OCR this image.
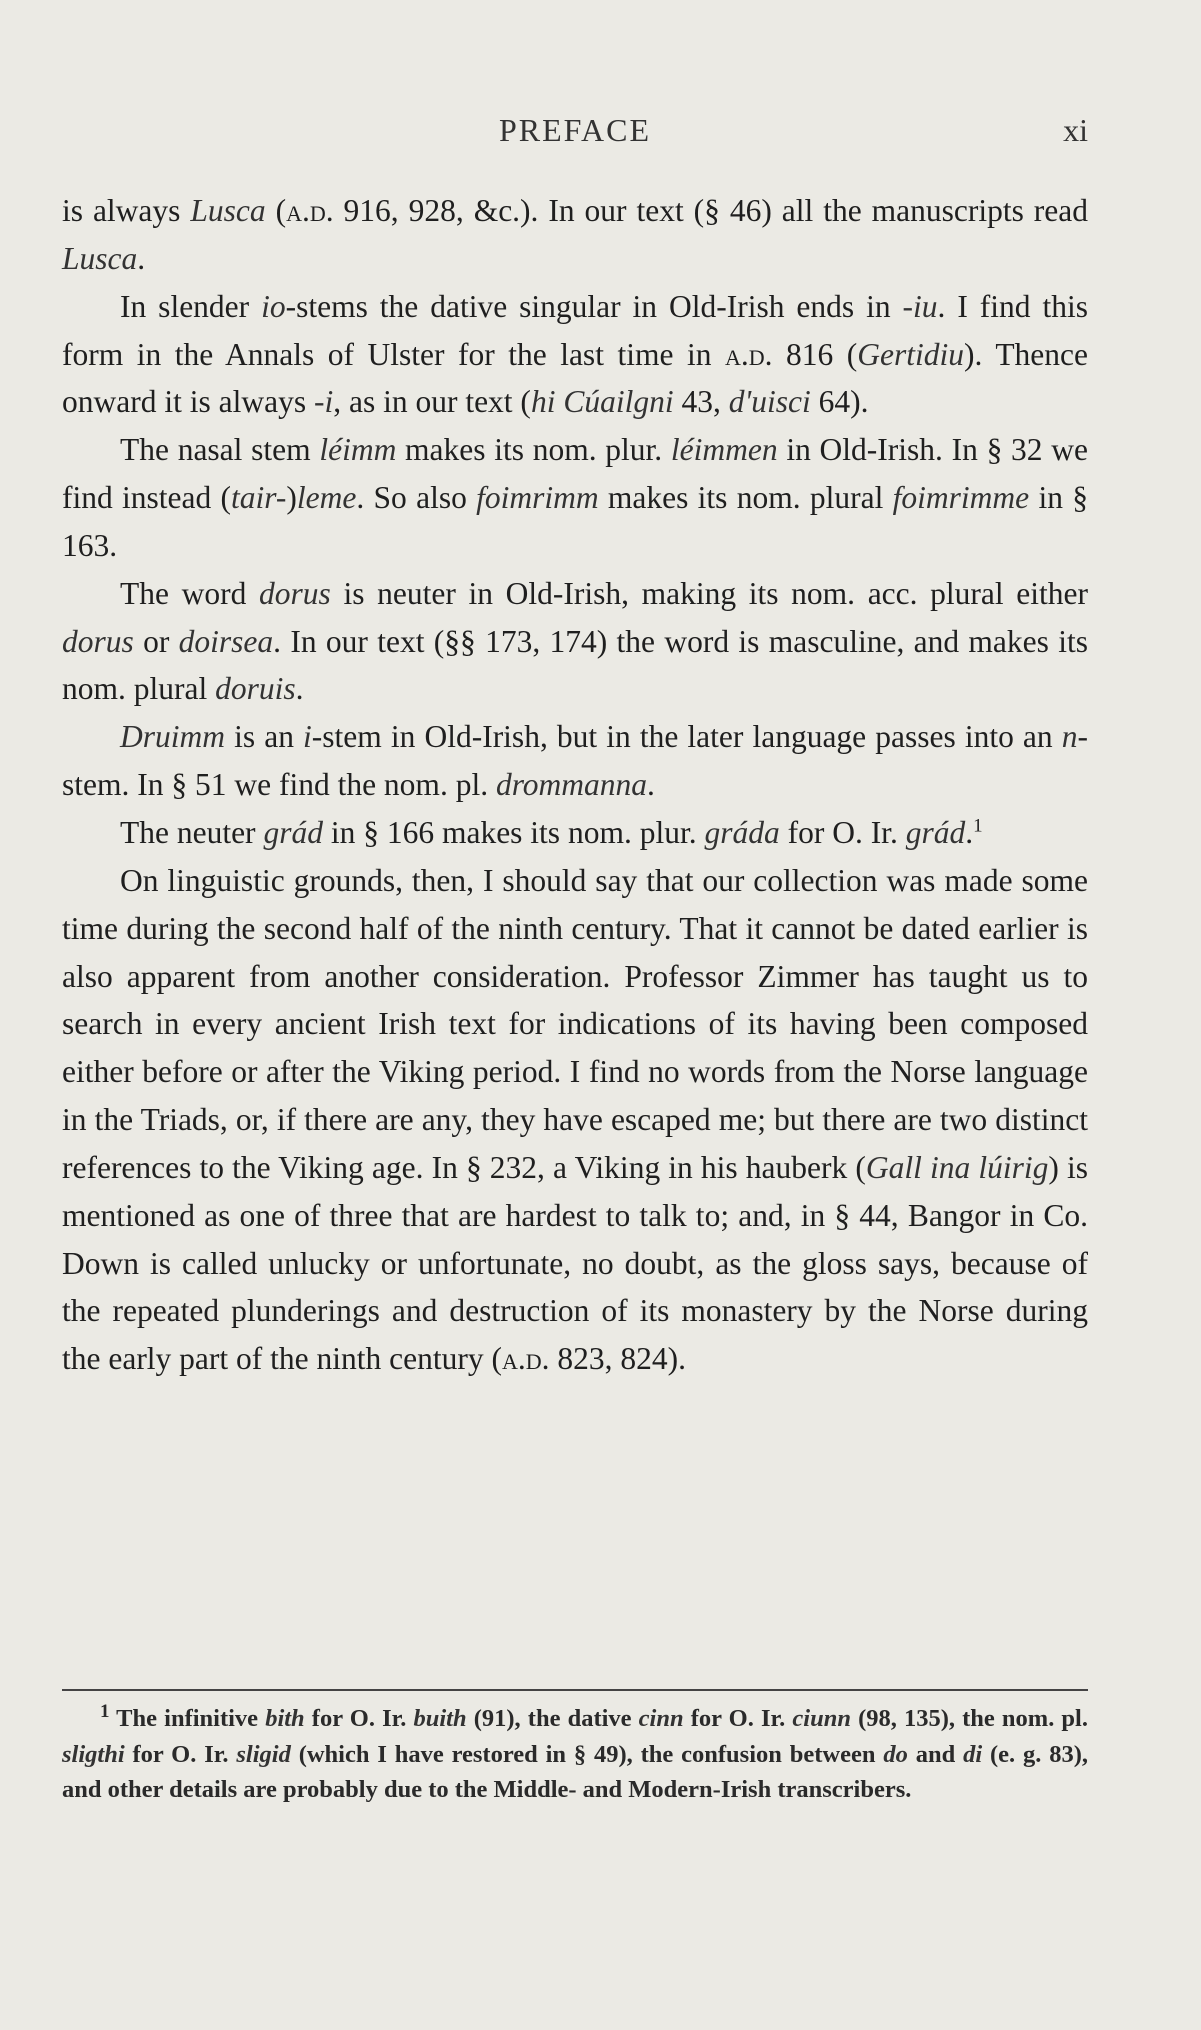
PREFACE	xi

is always Lusca (a.d. 916, 928, &c.). In our text (§ 46) all the manuscripts read Lusca.

In slender io-stems the dative singular in Old-Irish ends in -iu. I find this form in the Annals of Ulster for the last time in a.d. 816 (Gertidiu). Thence onward it is always -i, as in our text (hi Cúailgni 43, d'uisci 64).

The nasal stem léimm makes its nom. plur. léimmen in Old-Irish. In § 32 we find instead (tair-)leme. So also foimrimm makes its nom. plural foimrimme in § 163.

The word dorus is neuter in Old-Irish, making its nom. acc. plural either dorus or doirsea. In our text (§§ 173, 174) the word is masculine, and makes its nom. plural doruis.

Druimm is an i-stem in Old-Irish, but in the later language passes into an n-stem. In § 51 we find the nom. pl. drommanna.

The neuter grád in § 166 makes its nom. plur. gráda for O. Ir. grád.$^1$

On linguistic grounds, then, I should say that our collection was made some time during the second half of the ninth century. That it cannot be dated earlier is also apparent from another consideration. Professor Zimmer has taught us to search in every ancient Irish text for indications of its having been composed either before or after the Viking period. I find no words from the Norse language in the Triads, or, if there are any, they have escaped me; but there are two distinct references to the Viking age. In § 232, a Viking in his hauberk (Gall ina lúirig) is mentioned as one of three that are hardest to talk to; and, in § 44, Bangor in Co. Down is called unlucky or unfortunate, no doubt, as the gloss says, because of the repeated plunderings and destruction of its monastery by the Norse during the early part of the ninth century (a.d. 823, 824).

$^1$ The infinitive bith for O. Ir. buith (91), the dative cinn for O. Ir. ciunn (98, 135), the nom. pl. sligthi for O. Ir. sligid (which I have restored in § 49), the confusion between do and di (e. g. 83), and other details are probably due to the Middle- and Modern-Irish transcribers.
